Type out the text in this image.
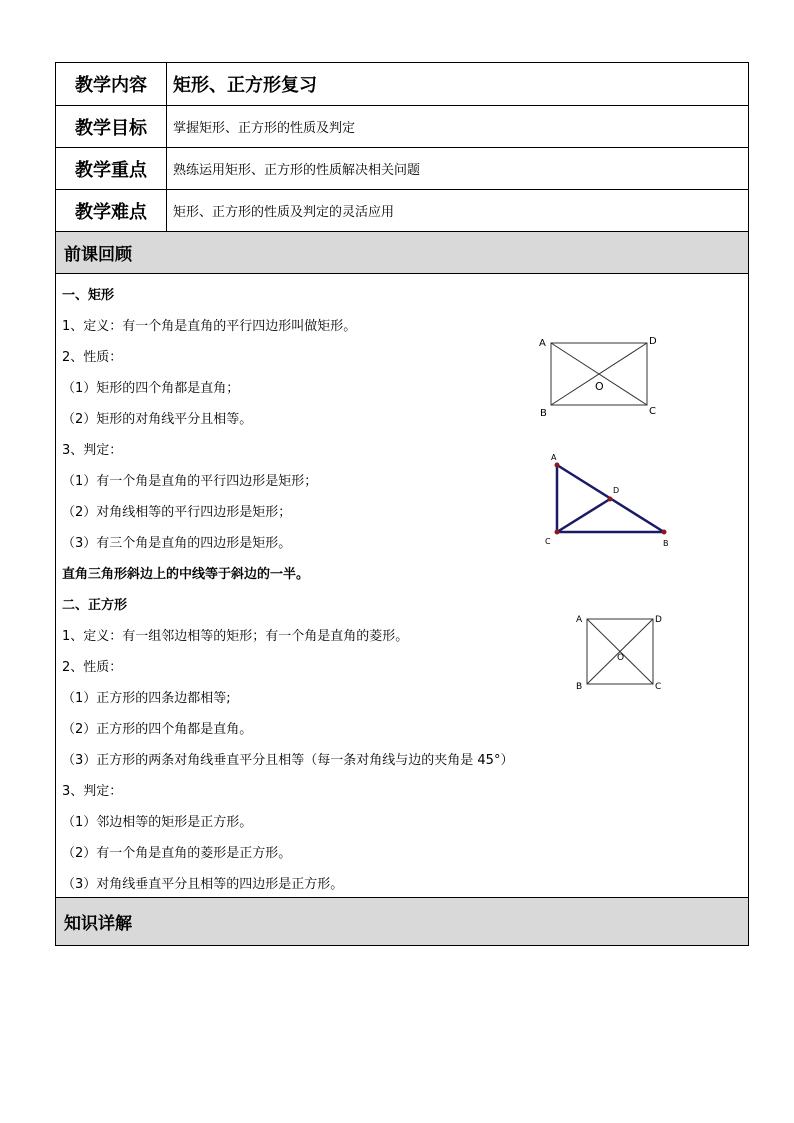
教学内容	矩形、正方形复习
教学目标	掌握矩形、正方形的性质及判定
教学重点	熟练运用矩形、正方形的性质解决相关问题
教学难点	矩形、正方形的性质及判定的灵活应用
前课回顾
一、矩形
1、定义：有一个角是直角的平行四边形叫做矩形。
2、性质：
（1）矩形的四个角都是直角；
（2）矩形的对角线平分且相等。
3、判定：
（1）有一个角是直角的平行四边形是矩形；
（2）对角线相等的平行四边形是矩形；
（3）有三个角是直角的四边形是矩形。
直角三角形斜边上的中线等于斜边的一半。
二、正方形
1、定义：有一组邻边相等的矩形；有一个角是直角的菱形。
2、性质：
（1）正方形的四条边都相等;
（2）正方形的四个角都是直角。
（3）正方形的两条对角线垂直平分且相等（每一条对角线与边的夹角是 45°）
3、判定：
（1）邻边相等的矩形是正方形。
（2）有一个角是直角的菱形是正方形。
（3）对角线垂直平分且相等的四边形是正方形。
A	D
B	C
O
A
D
C	B
A	D
B	C
O
知识详解
